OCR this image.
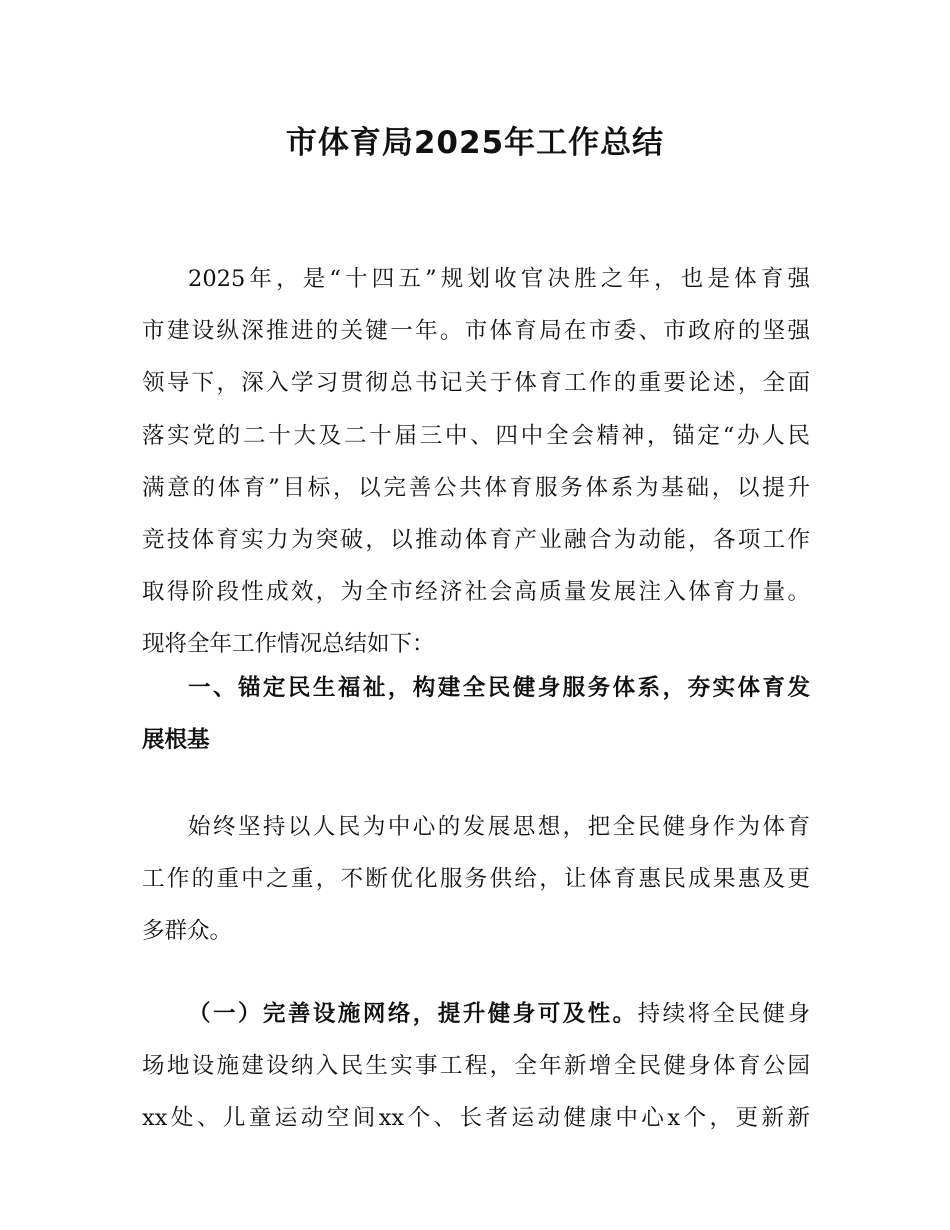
市体育局2025年工作总结
2025年，是“十四五”规划收官决胜之年，也是体育强
市建设纵深推进的关键一年。市体育局在市委、市政府的坚强
领导下，深入学习贯彻总书记关于体育工作的重要论述，全面
落实党的二十大及二十届三中、四中全会精神，锚定“办人民
满意的体育”目标，以完善公共体育服务体系为基础，以提升
竞技体育实力为突破，以推动体育产业融合为动能，各项工作
取得阶段性成效，为全市经济社会高质量发展注入体育力量。
现将全年工作情况总结如下：
一、锚定民生福祉，构建全民健身服务体系，夯实体育发
展根基
始终坚持以人民为中心的发展思想，把全民健身作为体育
工作的重中之重，不断优化服务供给，让体育惠民成果惠及更
多群众。
（一）完善设施网络，提升健身可及性。持续将全民健身
场地设施建设纳入民生实事工程，全年新增全民健身体育公园
xx处、儿童运动空间xx个、长者运动健康中心x个，更新新
